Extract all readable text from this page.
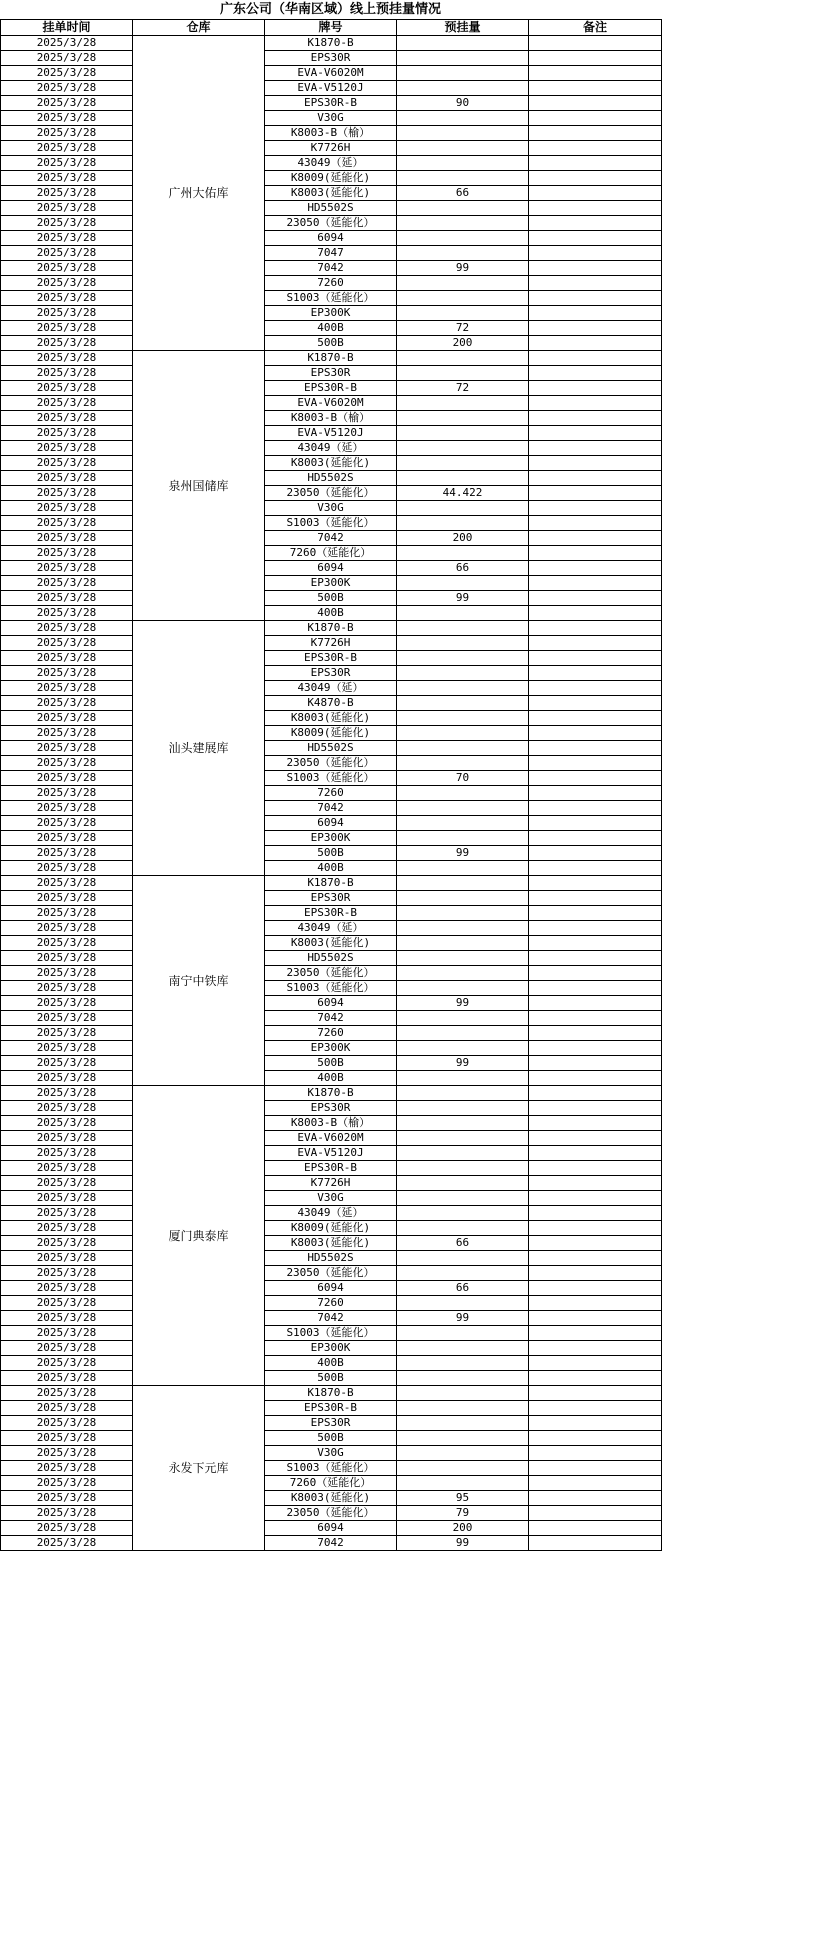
广东公司（华南区域）线上预挂量情况
挂单时间	仓库	牌号	预挂量	备注
2025/3/28	广州大佑库	K1870-B		
2025/3/28		EPS30R		
2025/3/28		EVA-V6020M		
2025/3/28		EVA-V5120J		
2025/3/28		EPS30R-B	90	
2025/3/28		V30G		
2025/3/28		K8003-B（榆）		
2025/3/28		K7726H		
2025/3/28		43049（延）		
2025/3/28		K8009(延能化)		
2025/3/28		K8003(延能化)	66	
2025/3/28		HD5502S		
2025/3/28		23050（延能化）		
2025/3/28		6094		
2025/3/28		7047		
2025/3/28		7042	99	
2025/3/28		7260		
2025/3/28		S1003（延能化）		
2025/3/28		EP300K		
2025/3/28		400B	72	
2025/3/28		500B	200	
2025/3/28	泉州国储库	K1870-B		
2025/3/28		EPS30R		
2025/3/28		EPS30R-B	72	
2025/3/28		EVA-V6020M		
2025/3/28		K8003-B（榆）		
2025/3/28		EVA-V5120J		
2025/3/28		43049（延）		
2025/3/28		K8003(延能化)		
2025/3/28		HD5502S		
2025/3/28		23050（延能化）	44.422	
2025/3/28		V30G		
2025/3/28		S1003（延能化）		
2025/3/28		7042	200	
2025/3/28		7260（延能化）		
2025/3/28		6094	66	
2025/3/28		EP300K		
2025/3/28		500B	99	
2025/3/28		400B		
2025/3/28	汕头建展库	K1870-B		
2025/3/28		K7726H		
2025/3/28		EPS30R-B		
2025/3/28		EPS30R		
2025/3/28		43049（延）		
2025/3/28		K4870-B		
2025/3/28		K8003(延能化)		
2025/3/28		K8009(延能化)		
2025/3/28		HD5502S		
2025/3/28		23050（延能化）		
2025/3/28		S1003（延能化）	70	
2025/3/28		7260		
2025/3/28		7042		
2025/3/28		6094		
2025/3/28		EP300K		
2025/3/28		500B	99	
2025/3/28		400B		
2025/3/28	南宁中铁库	K1870-B		
2025/3/28		EPS30R		
2025/3/28		EPS30R-B		
2025/3/28		43049（延）		
2025/3/28		K8003(延能化)		
2025/3/28		HD5502S		
2025/3/28		23050（延能化）		
2025/3/28		S1003（延能化）		
2025/3/28		6094	99	
2025/3/28		7042		
2025/3/28		7260		
2025/3/28		EP300K		
2025/3/28		500B	99	
2025/3/28		400B		
2025/3/28	厦门典泰库	K1870-B		
2025/3/28		EPS30R		
2025/3/28		K8003-B（榆）		
2025/3/28		EVA-V6020M		
2025/3/28		EVA-V5120J		
2025/3/28		EPS30R-B		
2025/3/28		K7726H		
2025/3/28		V30G		
2025/3/28		43049（延）		
2025/3/28		K8009(延能化)		
2025/3/28		K8003(延能化)	66	
2025/3/28		HD5502S		
2025/3/28		23050（延能化）		
2025/3/28		6094	66	
2025/3/28		7260		
2025/3/28		7042	99	
2025/3/28		S1003（延能化）		
2025/3/28		EP300K		
2025/3/28		400B		
2025/3/28		500B		
2025/3/28	永发下元库	K1870-B		
2025/3/28		EPS30R-B		
2025/3/28		EPS30R		
2025/3/28		500B		
2025/3/28		V30G		
2025/3/28		S1003（延能化）		
2025/3/28		7260（延能化）		
2025/3/28		K8003(延能化)	95	
2025/3/28		23050（延能化）	79	
2025/3/28		6094	200	
2025/3/28		7042	99	
